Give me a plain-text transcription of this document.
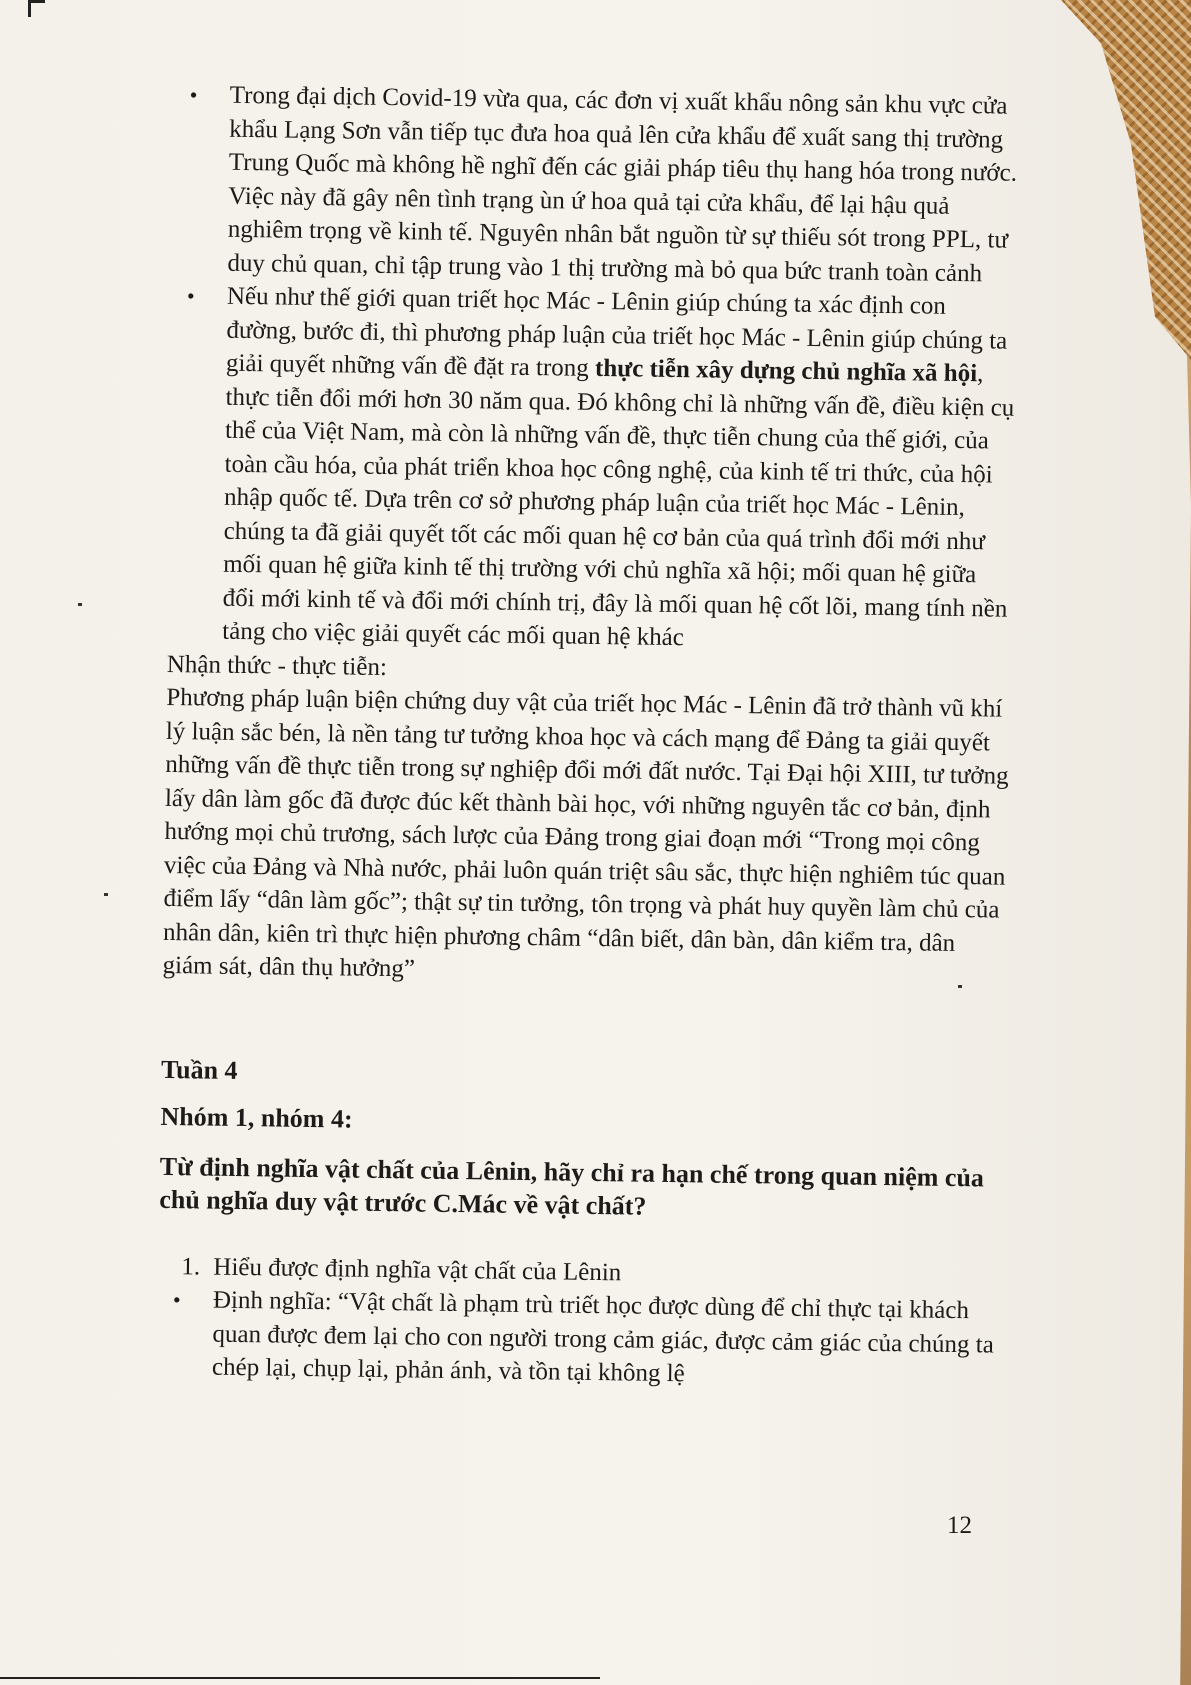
• Trong đại dịch Covid-19 vừa qua, các đơn vị xuất khẩu nông sản khu vực cửa khẩu Lạng Sơn vẫn tiếp tục đưa hoa quả lên cửa khẩu để xuất sang thị trường Trung Quốc mà không hề nghĩ đến các giải pháp tiêu thụ hang hóa trong nước. Việc này đã gây nên tình trạng ùn ứ hoa quả tại cửa khẩu, để lại hậu quả nghiêm trọng về kinh tế. Nguyên nhân bắt nguồn từ sự thiếu sót trong PPL, tư duy chủ quan, chỉ tập trung vào 1 thị trường mà bỏ qua bức tranh toàn cảnh
• Nếu như thế giới quan triết học Mác - Lênin giúp chúng ta xác định con đường, bước đi, thì phương pháp luận của triết học Mác - Lênin giúp chúng ta giải quyết những vấn đề đặt ra trong thực tiễn xây dựng chủ nghĩa xã hội, thực tiễn đổi mới hơn 30 năm qua. Đó không chỉ là những vấn đề, điều kiện cụ thể của Việt Nam, mà còn là những vấn đề, thực tiễn chung của thế giới, của toàn cầu hóa, của phát triển khoa học công nghệ, của kinh tế tri thức, của hội nhập quốc tế. Dựa trên cơ sở phương pháp luận của triết học Mác - Lênin, chúng ta đã giải quyết tốt các mối quan hệ cơ bản của quá trình đổi mới như mối quan hệ giữa kinh tế thị trường với chủ nghĩa xã hội; mối quan hệ giữa đổi mới kinh tế và đổi mới chính trị, đây là mối quan hệ cốt lõi, mang tính nền tảng cho việc giải quyết các mối quan hệ khác

Nhận thức - thực tiễn:

Phương pháp luận biện chứng duy vật của triết học Mác - Lênin đã trở thành vũ khí lý luận sắc bén, là nền tảng tư tưởng khoa học và cách mạng để Đảng ta giải quyết những vấn đề thực tiễn trong sự nghiệp đổi mới đất nước. Tại Đại hội XIII, tư tưởng lấy dân làm gốc đã được đúc kết thành bài học, với những nguyên tắc cơ bản, định hướng mọi chủ trương, sách lược của Đảng trong giai đoạn mới “Trong mọi công việc của Đảng và Nhà nước, phải luôn quán triệt sâu sắc, thực hiện nghiêm túc quan điểm lấy “dân làm gốc”; thật sự tin tưởng, tôn trọng và phát huy quyền làm chủ của nhân dân, kiên trì thực hiện phương châm “dân biết, dân bàn, dân kiểm tra, dân giám sát, dân thụ hưởng”

Tuần 4

Nhóm 1, nhóm 4:

Từ định nghĩa vật chất của Lênin, hãy chỉ ra hạn chế trong quan niệm của chủ nghĩa duy vật trước C.Mác về vật chất?

1. Hiểu được định nghĩa vật chất của Lênin
• Định nghĩa: “Vật chất là phạm trù triết học được dùng để chỉ thực tại khách quan được đem lại cho con người trong cảm giác, được cảm giác của chúng ta chép lại, chụp lại, phản ánh, và tồn tại không lệ
12
